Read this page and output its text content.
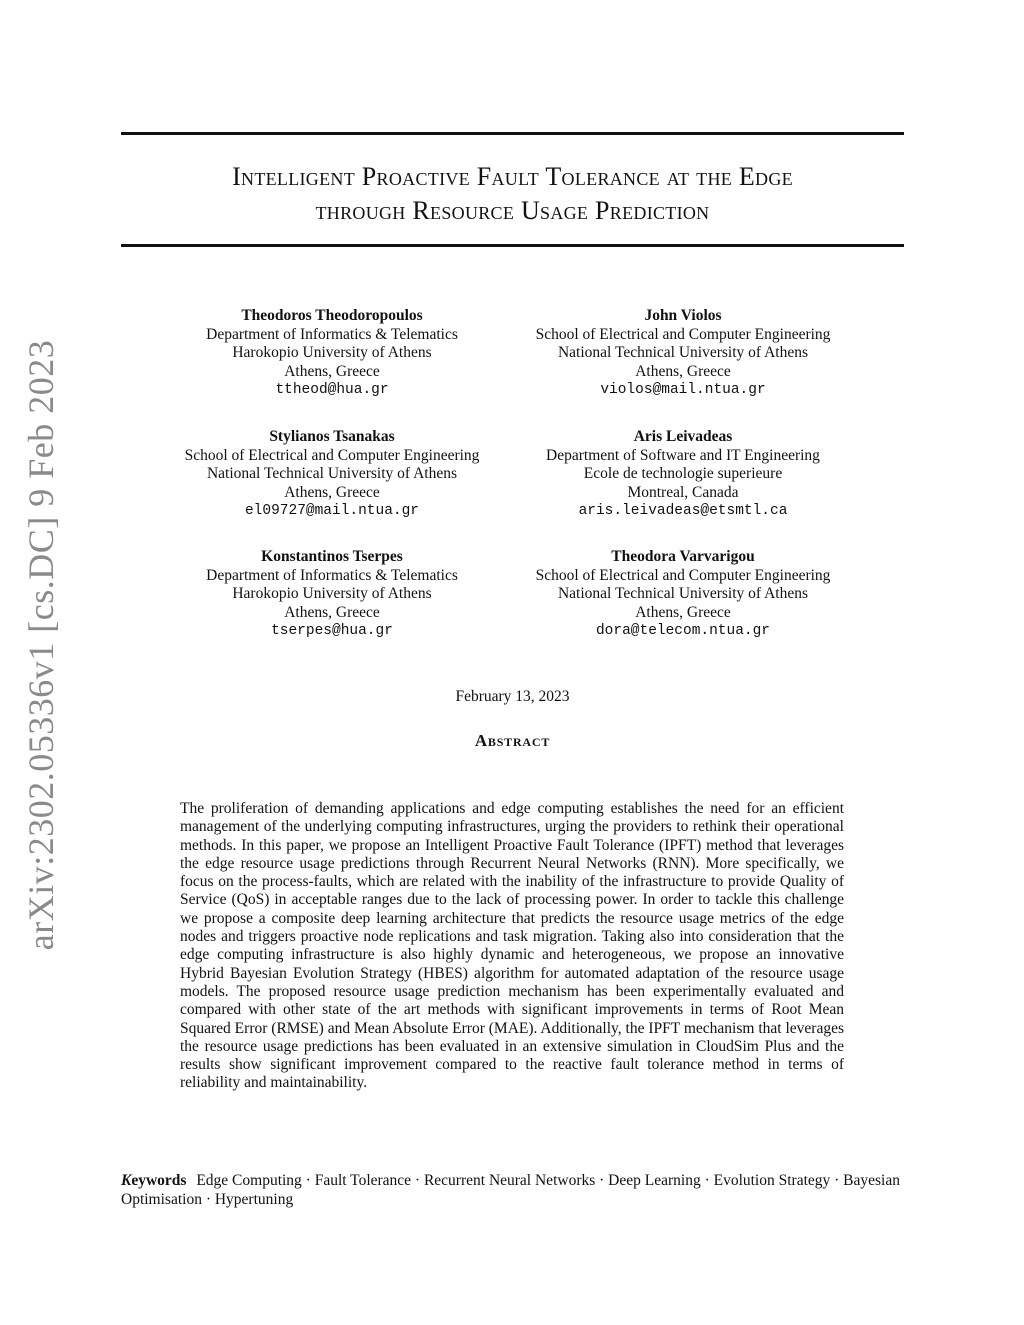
arXiv:2302.05336v1 [cs.DC] 9 Feb 2023
Intelligent Proactive Fault Tolerance at the Edge
through Resource Usage Prediction
Theodoros Theodoropoulos
Department of Informatics & Telematics
Harokopio University of Athens
Athens, Greece
ttheod@hua.gr
John Violos
School of Electrical and Computer Engineering
National Technical University of Athens
Athens, Greece
violos@mail.ntua.gr
Stylianos Tsanakas
School of Electrical and Computer Engineering
National Technical University of Athens
Athens, Greece
el09727@mail.ntua.gr
Aris Leivadeas
Department of Software and IT Engineering
Ecole de technologie superieure
Montreal, Canada
aris.leivadeas@etsmtl.ca
Konstantinos Tserpes
Department of Informatics & Telematics
Harokopio University of Athens
Athens, Greece
tserpes@hua.gr
Theodora Varvarigou
School of Electrical and Computer Engineering
National Technical University of Athens
Athens, Greece
dora@telecom.ntua.gr
February 13, 2023
Abstract
The proliferation of demanding applications and edge computing establishes the need for an efficient management of the underlying computing infrastructures, urging the providers to rethink their operational methods. In this paper, we propose an Intelligent Proactive Fault Tolerance (IPFT) method that leverages the edge resource usage predictions through Recurrent Neural Networks (RNN). More specifically, we focus on the process-faults, which are related with the inability of the infrastructure to provide Quality of Service (QoS) in acceptable ranges due to the lack of processing power. In order to tackle this challenge we propose a composite deep learning architecture that predicts the resource usage metrics of the edge nodes and triggers proactive node replications and task migration. Taking also into consideration that the edge computing infrastructure is also highly dynamic and heterogeneous, we propose an innovative Hybrid Bayesian Evolution Strategy (HBES) algorithm for automated adaptation of the resource usage models. The proposed resource usage prediction mechanism has been experimentally evaluated and compared with other state of the art methods with significant improvements in terms of Root Mean Squared Error (RMSE) and Mean Absolute Error (MAE). Additionally, the IPFT mechanism that leverages the resource usage predictions has been evaluated in an extensive simulation in CloudSim Plus and the results show significant improvement compared to the reactive fault tolerance method in terms of reliability and maintainability.
Keywords Edge Computing · Fault Tolerance · Recurrent Neural Networks · Deep Learning · Evolution Strategy · Bayesian Optimisation · Hypertuning
